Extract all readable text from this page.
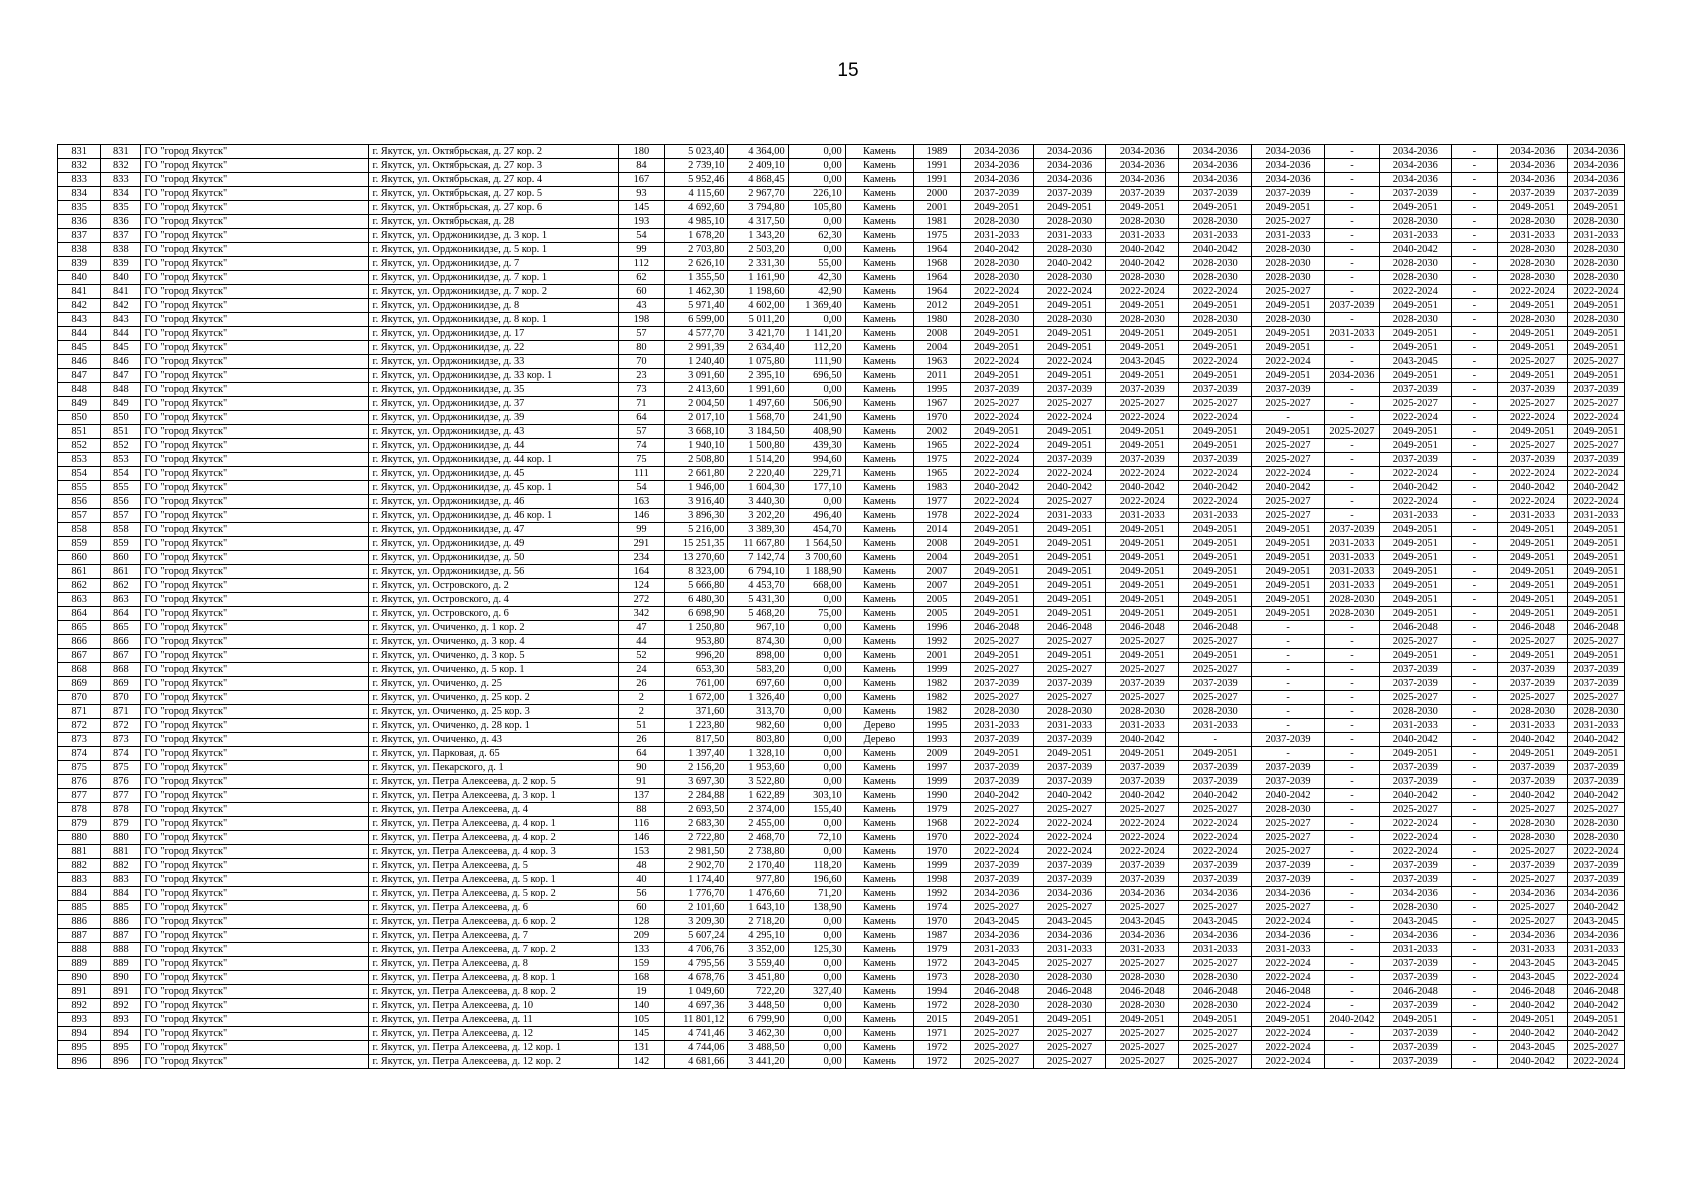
15
831	831	ГО "город Якутск"	г. Якутск, ул. Октябрьская, д. 27 кор. 2	180	5 023,40	4 364,00	0,00	Камень	1989	2034-2036	2034-2036	2034-2036	2034-2036	2034-2036	-	2034-2036	-	2034-2036	2034-2036
832	832	ГО "город Якутск"	г. Якутск, ул. Октябрьская, д. 27 кор. 3	84	2 739,10	2 409,10	0,00	Камень	1991	2034-2036	2034-2036	2034-2036	2034-2036	2034-2036	-	2034-2036	-	2034-2036	2034-2036
833	833	ГО "город Якутск"	г. Якутск, ул. Октябрьская, д. 27 кор. 4	167	5 952,46	4 868,45	0,00	Камень	1991	2034-2036	2034-2036	2034-2036	2034-2036	2034-2036	-	2034-2036	-	2034-2036	2034-2036
834	834	ГО "город Якутск"	г. Якутск, ул. Октябрьская, д. 27 кор. 5	93	4 115,60	2 967,70	226,10	Камень	2000	2037-2039	2037-2039	2037-2039	2037-2039	2037-2039	-	2037-2039	-	2037-2039	2037-2039
835	835	ГО "город Якутск"	г. Якутск, ул. Октябрьская, д. 27 кор. 6	145	4 692,60	3 794,80	105,80	Камень	2001	2049-2051	2049-2051	2049-2051	2049-2051	2049-2051	-	2049-2051	-	2049-2051	2049-2051
836	836	ГО "город Якутск"	г. Якутск, ул. Октябрьская, д. 28	193	4 985,10	4 317,50	0,00	Камень	1981	2028-2030	2028-2030	2028-2030	2028-2030	2025-2027	-	2028-2030	-	2028-2030	2028-2030
837	837	ГО "город Якутск"	г. Якутск, ул. Орджоникидзе, д. 3 кор. 1	54	1 678,20	1 343,20	62,30	Камень	1975	2031-2033	2031-2033	2031-2033	2031-2033	2031-2033	-	2031-2033	-	2031-2033	2031-2033
838	838	ГО "город Якутск"	г. Якутск, ул. Орджоникидзе, д. 5 кор. 1	99	2 703,80	2 503,20	0,00	Камень	1964	2040-2042	2028-2030	2040-2042	2040-2042	2028-2030	-	2040-2042	-	2028-2030	2028-2030
839	839	ГО "город Якутск"	г. Якутск, ул. Орджоникидзе, д. 7	112	2 626,10	2 331,30	55,00	Камень	1968	2028-2030	2040-2042	2040-2042	2028-2030	2028-2030	-	2028-2030	-	2028-2030	2028-2030
840	840	ГО "город Якутск"	г. Якутск, ул. Орджоникидзе, д. 7 кор. 1	62	1 355,50	1 161,90	42,30	Камень	1964	2028-2030	2028-2030	2028-2030	2028-2030	2028-2030	-	2028-2030	-	2028-2030	2028-2030
841	841	ГО "город Якутск"	г. Якутск, ул. Орджоникидзе, д. 7 кор. 2	60	1 462,30	1 198,60	42,90	Камень	1964	2022-2024	2022-2024	2022-2024	2022-2024	2025-2027	-	2022-2024	-	2022-2024	2022-2024
842	842	ГО "город Якутск"	г. Якутск, ул. Орджоникидзе, д. 8	43	5 971,40	4 602,00	1 369,40	Камень	2012	2049-2051	2049-2051	2049-2051	2049-2051	2049-2051	2037-2039	2049-2051	-	2049-2051	2049-2051
843	843	ГО "город Якутск"	г. Якутск, ул. Орджоникидзе, д. 8 кор. 1	198	6 599,00	5 011,20	0,00	Камень	1980	2028-2030	2028-2030	2028-2030	2028-2030	2028-2030	-	2028-2030	-	2028-2030	2028-2030
844	844	ГО "город Якутск"	г. Якутск, ул. Орджоникидзе, д. 17	57	4 577,70	3 421,70	1 141,20	Камень	2008	2049-2051	2049-2051	2049-2051	2049-2051	2049-2051	2031-2033	2049-2051	-	2049-2051	2049-2051
845	845	ГО "город Якутск"	г. Якутск, ул. Орджоникидзе, д. 22	80	2 991,39	2 634,40	112,20	Камень	2004	2049-2051	2049-2051	2049-2051	2049-2051	2049-2051	-	2049-2051	-	2049-2051	2049-2051
846	846	ГО "город Якутск"	г. Якутск, ул. Орджоникидзе, д. 33	70	1 240,40	1 075,80	111,90	Камень	1963	2022-2024	2022-2024	2043-2045	2022-2024	2022-2024	-	2043-2045	-	2025-2027	2025-2027
847	847	ГО "город Якутск"	г. Якутск, ул. Орджоникидзе, д. 33 кор. 1	23	3 091,60	2 395,10	696,50	Камень	2011	2049-2051	2049-2051	2049-2051	2049-2051	2049-2051	2034-2036	2049-2051	-	2049-2051	2049-2051
848	848	ГО "город Якутск"	г. Якутск, ул. Орджоникидзе, д. 35	73	2 413,60	1 991,60	0,00	Камень	1995	2037-2039	2037-2039	2037-2039	2037-2039	2037-2039	-	2037-2039	-	2037-2039	2037-2039
849	849	ГО "город Якутск"	г. Якутск, ул. Орджоникидзе, д. 37	71	2 004,50	1 497,60	506,90	Камень	1967	2025-2027	2025-2027	2025-2027	2025-2027	2025-2027	-	2025-2027	-	2025-2027	2025-2027
850	850	ГО "город Якутск"	г. Якутск, ул. Орджоникидзе, д. 39	64	2 017,10	1 568,70	241,90	Камень	1970	2022-2024	2022-2024	2022-2024	2022-2024	-	-	2022-2024	-	2022-2024	2022-2024
851	851	ГО "город Якутск"	г. Якутск, ул. Орджоникидзе, д. 43	57	3 668,10	3 184,50	408,90	Камень	2002	2049-2051	2049-2051	2049-2051	2049-2051	2049-2051	2025-2027	2049-2051	-	2049-2051	2049-2051
852	852	ГО "город Якутск"	г. Якутск, ул. Орджоникидзе, д. 44	74	1 940,10	1 500,80	439,30	Камень	1965	2022-2024	2049-2051	2049-2051	2049-2051	2025-2027	-	2049-2051	-	2025-2027	2025-2027
853	853	ГО "город Якутск"	г. Якутск, ул. Орджоникидзе, д. 44 кор. 1	75	2 508,80	1 514,20	994,60	Камень	1975	2022-2024	2037-2039	2037-2039	2037-2039	2025-2027	-	2037-2039	-	2037-2039	2037-2039
854	854	ГО "город Якутск"	г. Якутск, ул. Орджоникидзе, д. 45	111	2 661,80	2 220,40	229,71	Камень	1965	2022-2024	2022-2024	2022-2024	2022-2024	2022-2024	-	2022-2024	-	2022-2024	2022-2024
855	855	ГО "город Якутск"	г. Якутск, ул. Орджоникидзе, д. 45 кор. 1	54	1 946,00	1 604,30	177,10	Камень	1983	2040-2042	2040-2042	2040-2042	2040-2042	2040-2042	-	2040-2042	-	2040-2042	2040-2042
856	856	ГО "город Якутск"	г. Якутск, ул. Орджоникидзе, д. 46	163	3 916,40	3 440,30	0,00	Камень	1977	2022-2024	2025-2027	2022-2024	2022-2024	2025-2027	-	2022-2024	-	2022-2024	2022-2024
857	857	ГО "город Якутск"	г. Якутск, ул. Орджоникидзе, д. 46 кор. 1	146	3 896,30	3 202,20	496,40	Камень	1978	2022-2024	2031-2033	2031-2033	2031-2033	2025-2027	-	2031-2033	-	2031-2033	2031-2033
858	858	ГО "город Якутск"	г. Якутск, ул. Орджоникидзе, д. 47	99	5 216,00	3 389,30	454,70	Камень	2014	2049-2051	2049-2051	2049-2051	2049-2051	2049-2051	2037-2039	2049-2051	-	2049-2051	2049-2051
859	859	ГО "город Якутск"	г. Якутск, ул. Орджоникидзе, д. 49	291	15 251,35	11 667,80	1 564,50	Камень	2008	2049-2051	2049-2051	2049-2051	2049-2051	2049-2051	2031-2033	2049-2051	-	2049-2051	2049-2051
860	860	ГО "город Якутск"	г. Якутск, ул. Орджоникидзе, д. 50	234	13 270,60	7 142,74	3 700,60	Камень	2004	2049-2051	2049-2051	2049-2051	2049-2051	2049-2051	2031-2033	2049-2051	-	2049-2051	2049-2051
861	861	ГО "город Якутск"	г. Якутск, ул. Орджоникидзе, д. 56	164	8 323,00	6 794,10	1 188,90	Камень	2007	2049-2051	2049-2051	2049-2051	2049-2051	2049-2051	2031-2033	2049-2051	-	2049-2051	2049-2051
862	862	ГО "город Якутск"	г. Якутск, ул. Островского, д. 2	124	5 666,80	4 453,70	668,00	Камень	2007	2049-2051	2049-2051	2049-2051	2049-2051	2049-2051	2031-2033	2049-2051	-	2049-2051	2049-2051
863	863	ГО "город Якутск"	г. Якутск, ул. Островского, д. 4	272	6 480,30	5 431,30	0,00	Камень	2005	2049-2051	2049-2051	2049-2051	2049-2051	2049-2051	2028-2030	2049-2051	-	2049-2051	2049-2051
864	864	ГО "город Якутск"	г. Якутск, ул. Островского, д. 6	342	6 698,90	5 468,20	75,00	Камень	2005	2049-2051	2049-2051	2049-2051	2049-2051	2049-2051	2028-2030	2049-2051	-	2049-2051	2049-2051
865	865	ГО "город Якутск"	г. Якутск, ул. Очиченко, д. 1 кор. 2	47	1 250,80	967,10	0,00	Камень	1996	2046-2048	2046-2048	2046-2048	2046-2048	-	-	2046-2048	-	2046-2048	2046-2048
866	866	ГО "город Якутск"	г. Якутск, ул. Очиченко, д. 3 кор. 4	44	953,80	874,30	0,00	Камень	1992	2025-2027	2025-2027	2025-2027	2025-2027	-	-	2025-2027	-	2025-2027	2025-2027
867	867	ГО "город Якутск"	г. Якутск, ул. Очиченко, д. 3 кор. 5	52	996,20	898,00	0,00	Камень	2001	2049-2051	2049-2051	2049-2051	2049-2051	-	-	2049-2051	-	2049-2051	2049-2051
868	868	ГО "город Якутск"	г. Якутск, ул. Очиченко, д. 5 кор. 1	24	653,30	583,20	0,00	Камень	1999	2025-2027	2025-2027	2025-2027	2025-2027	-	-	2037-2039	-	2037-2039	2037-2039
869	869	ГО "город Якутск"	г. Якутск, ул. Очиченко, д. 25	26	761,00	697,60	0,00	Камень	1982	2037-2039	2037-2039	2037-2039	2037-2039	-	-	2037-2039	-	2037-2039	2037-2039
870	870	ГО "город Якутск"	г. Якутск, ул. Очиченко, д. 25 кор. 2	2	1 672,00	1 326,40	0,00	Камень	1982	2025-2027	2025-2027	2025-2027	2025-2027	-	-	2025-2027	-	2025-2027	2025-2027
871	871	ГО "город Якутск"	г. Якутск, ул. Очиченко, д. 25 кор. 3	2	371,60	313,70	0,00	Камень	1982	2028-2030	2028-2030	2028-2030	2028-2030	-	-	2028-2030	-	2028-2030	2028-2030
872	872	ГО "город Якутск"	г. Якутск, ул. Очиченко, д. 28 кор. 1	51	1 223,80	982,60	0,00	Дерево	1995	2031-2033	2031-2033	2031-2033	2031-2033	-	-	2031-2033	-	2031-2033	2031-2033
873	873	ГО "город Якутск"	г. Якутск, ул. Очиченко, д. 43	26	817,50	803,80	0,00	Дерево	1993	2037-2039	2037-2039	2040-2042	-	2037-2039	-	2040-2042	-	2040-2042	2040-2042
874	874	ГО "город Якутск"	г. Якутск, ул. Парковая, д. 65	64	1 397,40	1 328,10	0,00	Камень	2009	2049-2051	2049-2051	2049-2051	2049-2051	-	-	2049-2051	-	2049-2051	2049-2051
875	875	ГО "город Якутск"	г. Якутск, ул. Пекарского, д. 1	90	2 156,20	1 953,60	0,00	Камень	1997	2037-2039	2037-2039	2037-2039	2037-2039	2037-2039	-	2037-2039	-	2037-2039	2037-2039
876	876	ГО "город Якутск"	г. Якутск, ул. Петра Алексеева, д. 2 кор. 5	91	3 697,30	3 522,80	0,00	Камень	1999	2037-2039	2037-2039	2037-2039	2037-2039	2037-2039	-	2037-2039	-	2037-2039	2037-2039
877	877	ГО "город Якутск"	г. Якутск, ул. Петра Алексеева, д. 3 кор. 1	137	2 284,88	1 622,89	303,10	Камень	1990	2040-2042	2040-2042	2040-2042	2040-2042	2040-2042	-	2040-2042	-	2040-2042	2040-2042
878	878	ГО "город Якутск"	г. Якутск, ул. Петра Алексеева, д. 4	88	2 693,50	2 374,00	155,40	Камень	1979	2025-2027	2025-2027	2025-2027	2025-2027	2028-2030	-	2025-2027	-	2025-2027	2025-2027
879	879	ГО "город Якутск"	г. Якутск, ул. Петра Алексеева, д. 4 кор. 1	116	2 683,30	2 455,00	0,00	Камень	1968	2022-2024	2022-2024	2022-2024	2022-2024	2025-2027	-	2022-2024	-	2028-2030	2028-2030
880	880	ГО "город Якутск"	г. Якутск, ул. Петра Алексеева, д. 4 кор. 2	146	2 722,80	2 468,70	72,10	Камень	1970	2022-2024	2022-2024	2022-2024	2022-2024	2025-2027	-	2022-2024	-	2028-2030	2028-2030
881	881	ГО "город Якутск"	г. Якутск, ул. Петра Алексеева, д. 4 кор. 3	153	2 981,50	2 738,80	0,00	Камень	1970	2022-2024	2022-2024	2022-2024	2022-2024	2025-2027	-	2022-2024	-	2025-2027	2022-2024
882	882	ГО "город Якутск"	г. Якутск, ул. Петра Алексеева, д. 5	48	2 902,70	2 170,40	118,20	Камень	1999	2037-2039	2037-2039	2037-2039	2037-2039	2037-2039	-	2037-2039	-	2037-2039	2037-2039
883	883	ГО "город Якутск"	г. Якутск, ул. Петра Алексеева, д. 5 кор. 1	40	1 174,40	977,80	196,60	Камень	1998	2037-2039	2037-2039	2037-2039	2037-2039	2037-2039	-	2037-2039	-	2025-2027	2037-2039
884	884	ГО "город Якутск"	г. Якутск, ул. Петра Алексеева, д. 5 кор. 2	56	1 776,70	1 476,60	71,20	Камень	1992	2034-2036	2034-2036	2034-2036	2034-2036	2034-2036	-	2034-2036	-	2034-2036	2034-2036
885	885	ГО "город Якутск"	г. Якутск, ул. Петра Алексеева, д. 6	60	2 101,60	1 643,10	138,90	Камень	1974	2025-2027	2025-2027	2025-2027	2025-2027	2025-2027	-	2028-2030	-	2025-2027	2040-2042
886	886	ГО "город Якутск"	г. Якутск, ул. Петра Алексеева, д. 6 кор. 2	128	3 209,30	2 718,20	0,00	Камень	1970	2043-2045	2043-2045	2043-2045	2043-2045	2022-2024	-	2043-2045	-	2025-2027	2043-2045
887	887	ГО "город Якутск"	г. Якутск, ул. Петра Алексеева, д. 7	209	5 607,24	4 295,10	0,00	Камень	1987	2034-2036	2034-2036	2034-2036	2034-2036	2034-2036	-	2034-2036	-	2034-2036	2034-2036
888	888	ГО "город Якутск"	г. Якутск, ул. Петра Алексеева, д. 7 кор. 2	133	4 706,76	3 352,00	125,30	Камень	1979	2031-2033	2031-2033	2031-2033	2031-2033	2031-2033	-	2031-2033	-	2031-2033	2031-2033
889	889	ГО "город Якутск"	г. Якутск, ул. Петра Алексеева, д. 8	159	4 795,56	3 559,40	0,00	Камень	1972	2043-2045	2025-2027	2025-2027	2025-2027	2022-2024	-	2037-2039	-	2043-2045	2043-2045
890	890	ГО "город Якутск"	г. Якутск, ул. Петра Алексеева, д. 8 кор. 1	168	4 678,76	3 451,80	0,00	Камень	1973	2028-2030	2028-2030	2028-2030	2028-2030	2022-2024	-	2037-2039	-	2043-2045	2022-2024
891	891	ГО "город Якутск"	г. Якутск, ул. Петра Алексеева, д. 8 кор. 2	19	1 049,60	722,20	327,40	Камень	1994	2046-2048	2046-2048	2046-2048	2046-2048	2046-2048	-	2046-2048	-	2046-2048	2046-2048
892	892	ГО "город Якутск"	г. Якутск, ул. Петра Алексеева, д. 10	140	4 697,36	3 448,50	0,00	Камень	1972	2028-2030	2028-2030	2028-2030	2028-2030	2022-2024	-	2037-2039	-	2040-2042	2040-2042
893	893	ГО "город Якутск"	г. Якутск, ул. Петра Алексеева, д. 11	105	11 801,12	6 799,90	0,00	Камень	2015	2049-2051	2049-2051	2049-2051	2049-2051	2049-2051	2040-2042	2049-2051	-	2049-2051	2049-2051
894	894	ГО "город Якутск"	г. Якутск, ул. Петра Алексеева, д. 12	145	4 741,46	3 462,30	0,00	Камень	1971	2025-2027	2025-2027	2025-2027	2025-2027	2022-2024	-	2037-2039	-	2040-2042	2040-2042
895	895	ГО "город Якутск"	г. Якутск, ул. Петра Алексеева, д. 12 кор. 1	131	4 744,06	3 488,50	0,00	Камень	1972	2025-2027	2025-2027	2025-2027	2025-2027	2022-2024	-	2037-2039	-	2043-2045	2025-2027
896	896	ГО "город Якутск"	г. Якутск, ул. Петра Алексеева, д. 12 кор. 2	142	4 681,66	3 441,20	0,00	Камень	1972	2025-2027	2025-2027	2025-2027	2025-2027	2022-2024	-	2037-2039	-	2040-2042	2022-2024
